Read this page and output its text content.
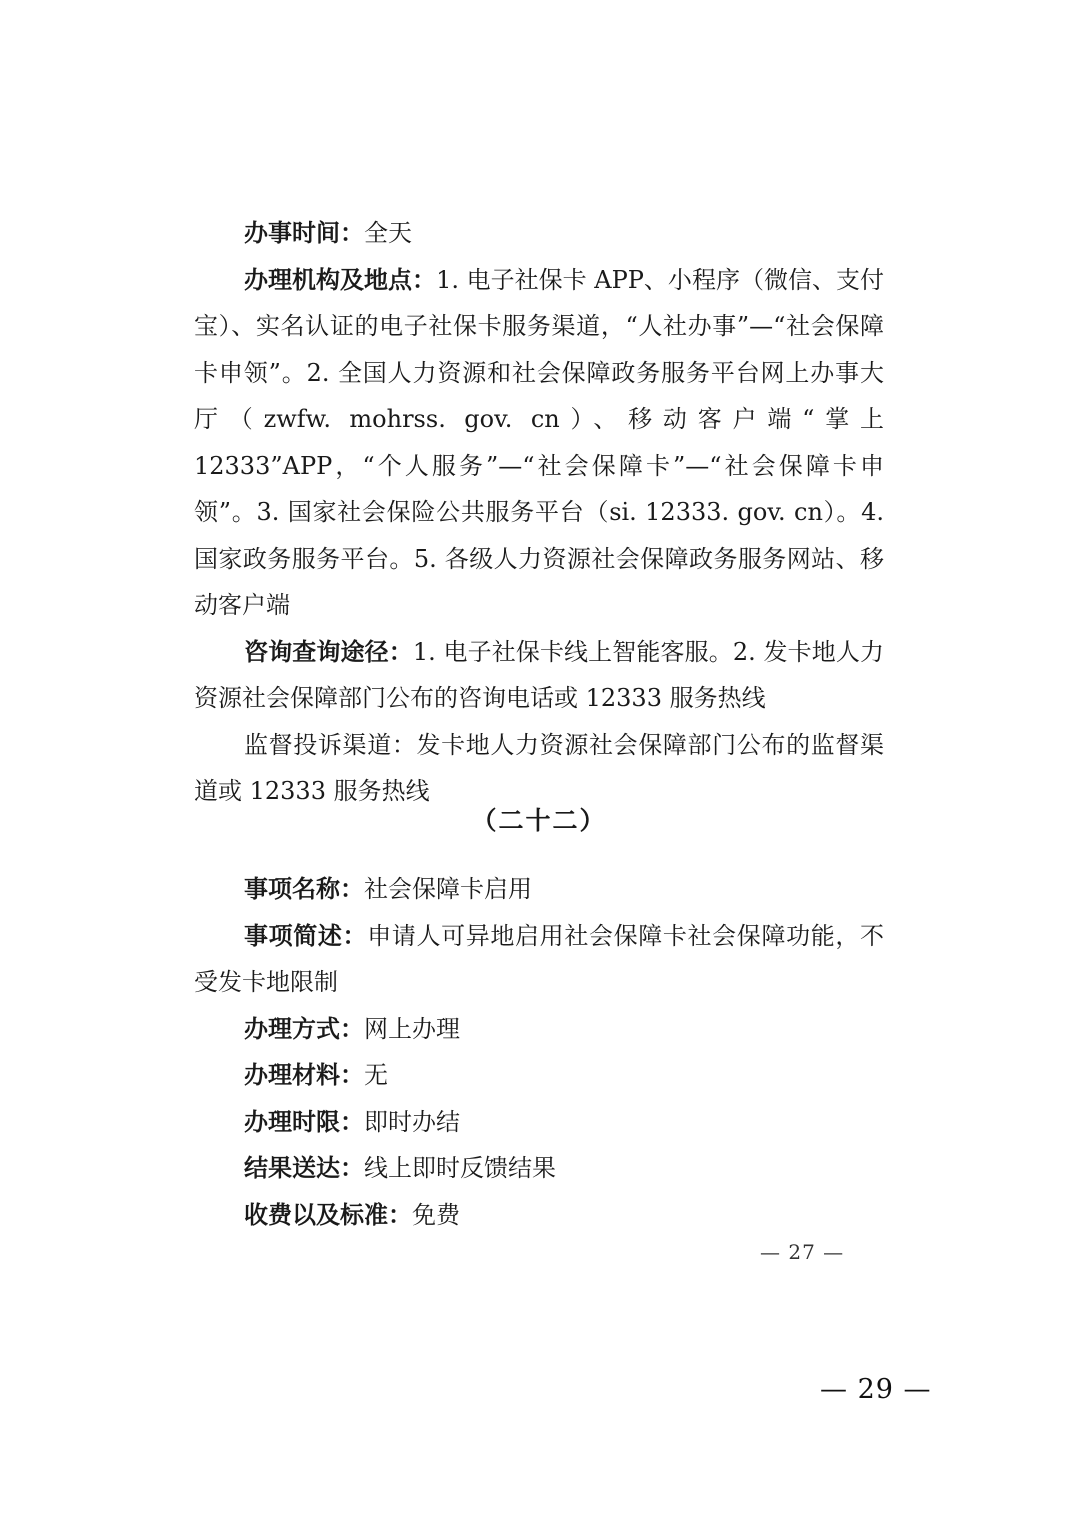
办事时间：全天

办理机构及地点：1. 电子社保卡 APP、小程序（微信、支付宝）、实名认证的电子社保卡服务渠道，“人社办事”—“社会保障卡申领”。2. 全国人力资源和社会保障政务服务平台网上办事大厅（zwfw. mohrss. gov. cn）、移动客户端“掌上 12333”APP，“个人服务”—“社会保障卡”—“社会保障卡申领”。3. 国家社会保险公共服务平台（si. 12333. gov. cn）。4. 国家政务服务平台。5. 各级人力资源社会保障政务服务网站、移动客户端

咨询查询途径：1. 电子社保卡线上智能客服。2. 发卡地人力资源社会保障部门公布的咨询电话或 12333 服务热线

监督投诉渠道：发卡地人力资源社会保障部门公布的监督渠道或 12333 服务热线

（二十二）

事项名称：社会保障卡启用

事项简述：申请人可异地启用社会保障卡社会保障功能，不受发卡地限制

办理方式：网上办理

办理材料：无

办理时限：即时办结

结果送达：线上即时反馈结果

收费以及标准：免费

— 27 —
— 29 —
